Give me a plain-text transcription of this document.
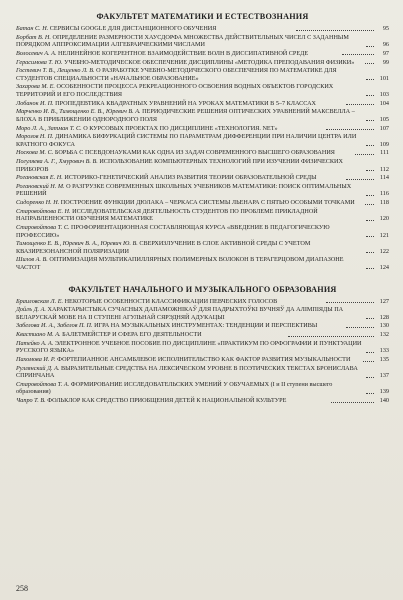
ФАКУЛЬТЕТ МАТЕМАТИКИ И ЕСТЕСТВОЗНАНИЯ
Батан С. Н. СЕРВИСЫ GOOGLE ДЛЯ ДИСТАНЦИОННОГО ОБУЧЕНИЯ	95
Борбат В. Н. ОПРЕДЕЛЕНИЕ РАЗМЕРНОСТИ ХАУСДОРФА МНОЖЕСТВА ДЕЙСТВИТЕЛЬНЫХ ЧИСЕЛ С ЗАДАННЫМ ПОРЯДКОМ АППРОКСИМАЦИИ АЛГЕБРАИЧЕСКИМИ ЧИСЛАМИ	96
Волосевич А. А. НЕЛИНЕЙНОЕ КОГЕРЕНТНОЕ ВЗАИМОДЕЙСТВИЕ ВОЛН В ДИССИПАТИВНОЙ СРЕДЕ	97
Герасимова Т. Ю. УЧЕБНО-МЕТОДИЧЕСКОЕ ОБЕСПЕЧЕНИЕ ДИСЦИПЛИНЫ «МЕТОДИКА ПРЕПОДАВАНИЯ ФИЗИКИ»	99
Гостевич Т. В., Лещенко Л. В. О РАЗРАБОТКЕ УЧЕБНО-МЕТОДИЧЕСКОГО ОБЕСПЕЧЕНИЯ ПО МАТЕМАТИКЕ ДЛЯ СТУДЕНТОВ СПЕЦИАЛЬНОСТИ «НАЧАЛЬНОЕ ОБРАЗОВАНИЕ»	101
Захарова М. Е. ОСОБЕННОСТИ ПРОЦЕССА РЕКРЕАЦИОННОГО ОСВОЕНИЯ ВОДНЫХ ОБЪЕКТОВ ГОРОДСКИХ ТЕРРИТОРИЙ И ЕГО ПОСЛЕДСТВИЯ	103
Лобанок И. П. ПРОПЕДЕВТИКА КВАДРАТНЫХ УРАВНЕНИЙ НА УРОКАХ МАТЕМАТИКИ В 5–7 КЛАССАХ	104
Марченко И. В., Тимощенко Е. В., Юревич В. А. ПЕРИОДИЧЕСКИЕ РЕШЕНИЯ ОПТИЧЕСКИХ УРАВНЕНИЙ МАКСВЕЛЛА – БЛОХА В ПРИБЛИЖЕНИИ ОДНОРОДНОГО ПОЛЯ	105
Моро Л. А., Затман Т. С. О КУРСОВЫХ ПРОЕКТАХ ПО ДИСЦИПЛИНЕ «ТЕХНОЛОГИЯ. NET»	107
Морозов Н. П. ДИНАМИКА БИФУРКАЦИЙ СИСТЕМЫ ПО ПАРАМЕТРАМ ДИФФЕРЕНЦИИ ПРИ НАЛИЧИИ ЦЕНТРА ИЛИ КРАТНОГО ФОКУСА	109
Носкова М. С. БОРЬБА С ПСЕВДОНАУКАМИ КАК ОДНА ИЗ ЗАДАЧ СОВРЕМЕННОГО ВЫСШЕГО ОБРАЗОВАНИЯ	111
Погуляева А. Г., Хмурович В. В. ИСПОЛЬЗОВАНИЕ КОМПЬЮТЕРНЫХ ТЕХНОЛОГИЙ ПРИ ИЗУЧЕНИИ ФИЗИЧЕСКИХ ПРИБОРОВ	112
Рогановская Е. Н. ИСТОРИКО-ГЕНЕТИЧЕСКИЙ АНАЛИЗ РАЗВИТИЯ ТЕОРИИ ОБРАЗОВАТЕЛЬНОЙ СРЕДЫ	114
Рогановский Н. М. О РАЗГРУЗКЕ СОВРЕМЕННЫХ ШКОЛЬНЫХ УЧЕБНИКОВ МАТЕМАТИКИ: ПОИСК ОПТИМАЛЬНЫХ РЕШЕНИЙ	116
Сидоренко Н. Н. ПОСТРОЕНИЕ ФУНКЦИИ ДЮЛАКА – ЧЕРКАСА СИСТЕМЫ ЛЬЕНАРА С ПЯТЬЮ ОСОБЫМИ ТОЧКАМИ	118
Старовойтова Е. Н. ИССЛЕДОВАТЕЛЬСКАЯ ДЕЯТЕЛЬНОСТЬ СТУДЕНТОВ ПО ПРОБЛЕМЕ ПРИКЛАДНОЙ НАПРАВЛЕННОСТИ ОБУЧЕНИЯ МАТЕМАТИКЕ	120
Старовойтова Т. С. ПРОФОРИЕНТАЦИОННАЯ СОСТАВЛЯЮЩАЯ КУРСА «ВВЕДЕНИЕ В ПЕДАГОГИЧЕСКУЮ ПРОФЕССИЮ»	121
Тимощенко Е. В., Юревич В. А., Юревич Ю. В. СВЕРХИЗЛУЧЕНИЕ В СЛОЕ АКТИВНОЙ СРЕДЫ С УЧЕТОМ КВАЗИРЕЗОНАНСНОЙ ПОЛЯРИЗАЦИИ	122
Шилов А. В. ОПТИМИЗАЦИЯ МУЛЬТИКАПИЛЛЯРНЫХ ПОЛИМЕРНЫХ ВОЛОКОН В ТЕРАГЕРЦОВОМ ДИАПАЗОНЕ ЧАСТОТ	124
ФАКУЛЬТЕТ НАЧАЛЬНОГО И МУЗЫКАЛЬНОГО ОБРАЗОВАНИЯ
Браиловская Л. Е. НЕКОТОРЫЕ ОСОБЕННОСТИ КЛАССИФИКАЦИИ ПЕВЧЕСКИХ ГОЛОСОВ	127
Дойлъ Д. А. ХАРАКТАРЫСТЫКА СУЧАСНЫХ ДАПАМОЖНІКАЎ ДЛЯ ПАДРЫХТОЎКІ ВУЧНЯЎ ДА АЛІМПІЯДЫ ПА БЕЛАРУСКАЙ МОВЕ НА ІІ СТУПЕНІ АГУЛЬНАЙ СЯРЭДНЯЙ АДУКАЦЫІ	128
Забелова И. А., Забелов П. П. ИГРА НА МУЗЫКАЛЬНЫХ ИНСТРУМЕНТАХ: ТЕНДЕНЦИИ И ПЕРСПЕКТИВЫ	130
Квастиано М. А. БАЛЕТМЕЙСТЕР И СФЕРА ЕГО ДЕЯТЕЛЬНОСТИ	132
Патейко А. А. ЭЛЕКТРОННОЕ УЧЕБНОЕ ПОСОБИЕ ПО ДИСЦИПЛИНЕ «ПРАКТИКУМ ПО ОРФОГРАФИИ И ПУНКТУАЦИИ РУССКОГО ЯЗЫКА»	133
Пахомова И. Р. ФОРТЕПИАННОЕ АНСАМБЛЕВОЕ ИСПОЛНИТЕЛЬСТВО КАК ФАКТОР РАЗВИТИЯ МУЗЫКАЛЬНОСТИ	135
Руллянский Д. А. ВЫРАЗИТЕЛЬНЫЕ СРЕДСТВА НА ЛЕКСИЧЕСКОМ УРОВНЕ В ПОЭТИЧЕСКИХ ТЕКСТАХ БРОНИСЛАВА СПРИНЧАНА	137
Старовойтова Т. А. ФОРМИРОВАНИЕ ИССЛЕДОВАТЕЛЬСКИХ УМЕНИЙ У ОБУЧАЕМЫХ (I и II ступени высшего образования)	139
Чапро Т. В. ФОЛЬКЛОР КАК СРЕДСТВО ПРИОБЩЕНИЯ ДЕТЕЙ К НАЦИОНАЛЬНОЙ КУЛЬТУРЕ	140
258
